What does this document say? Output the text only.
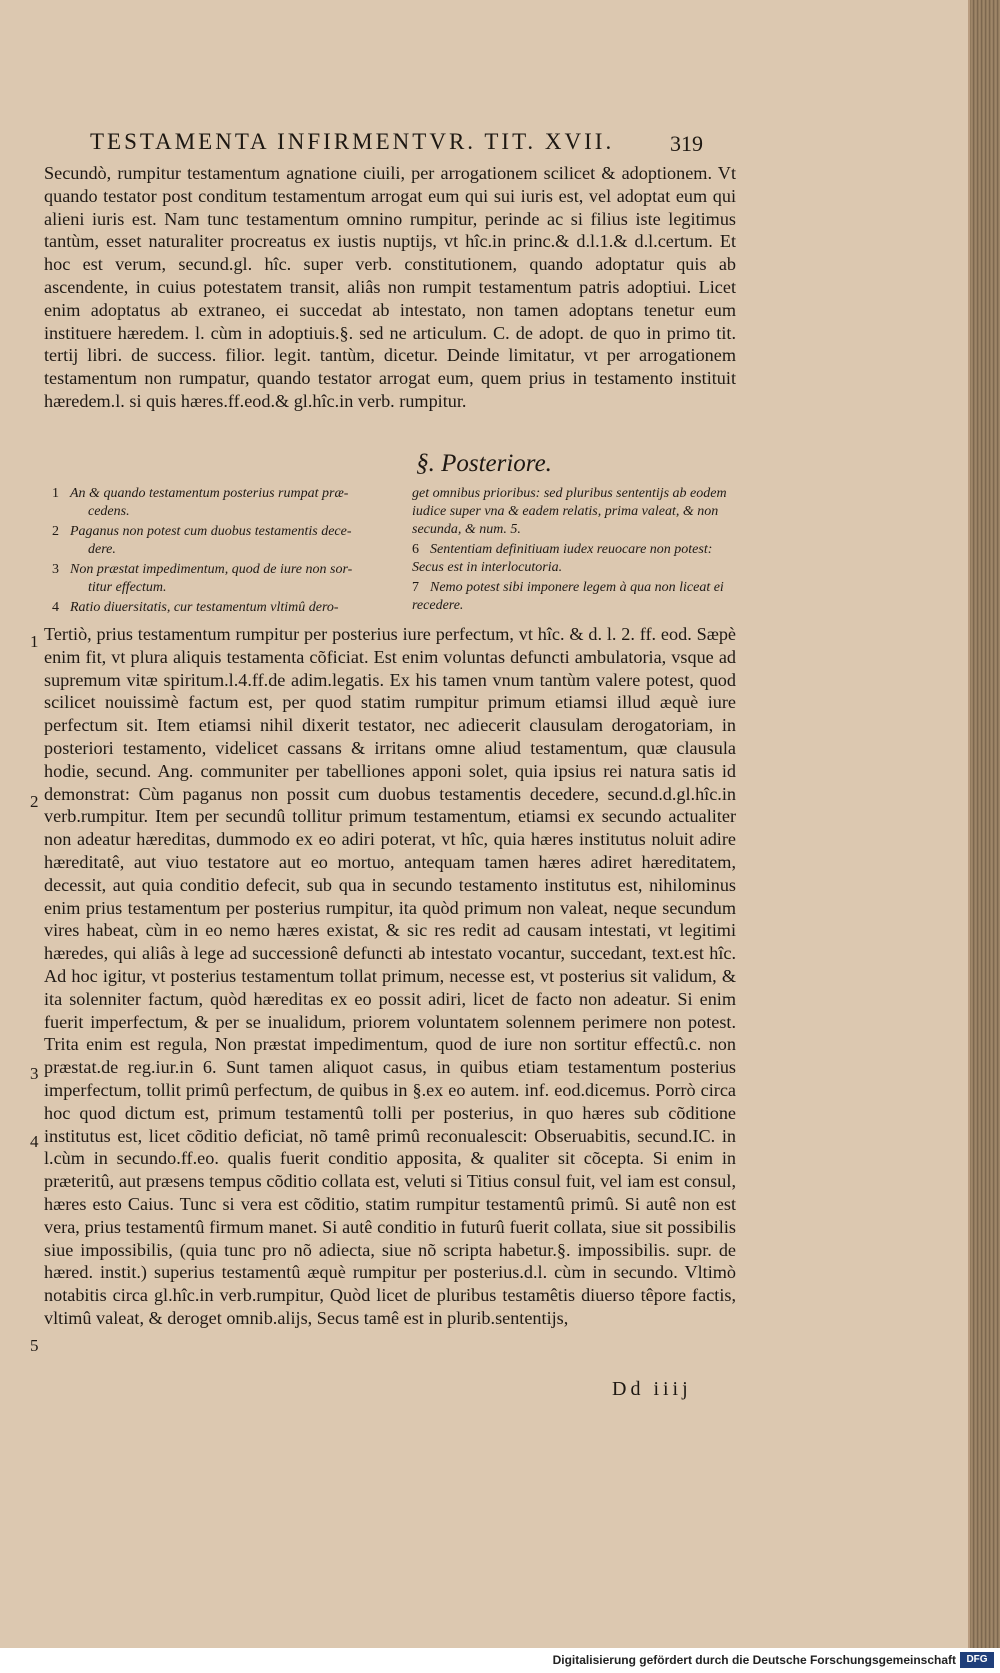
TESTAMENTA INFIRMENTVR. TIT. XVII.	319
Secundò, rumpitur testamentum agnatione ciuili, per arrogationem scilicet & adoptionem. Vt quando testator post conditum testamentum arrogat eum qui sui iuris est, vel adoptat eum qui alieni iuris est. Nam tunc testamentum omnino rumpitur, perinde ac si filius iste legitimus tantùm, esset naturaliter procreatus ex iustis nuptijs, vt hîc.in princ.& d.l.1.& d.l.certum. Et hoc est verum, secund.gl. hîc. super verb. constitutionem, quando adoptatur quis ab ascendente, in cuius potestatem transit, aliâs non rumpit testamentum patris adoptiui. Licet enim adoptatus ab extraneo, ei succedat ab intestato, non tamen adoptans tenetur eum instituere hæredem. l. cùm in adoptiuis.§. sed ne articulum. C. de adopt. de quo in primo tit. tertij libri. de success. filior. legit. tantùm, dicetur. Deinde limitatur, vt per arrogationem testamentum non rumpatur, quando testator arrogat eum, quem prius in testamento instituit hæredem.l. si quis hæres.ff.eod.& gl.hîc.in verb. rumpitur.
§. Posteriore.
1 An & quando testamentum posterius rumpat præ-
cedens.
2 Paganus non potest cum duobus testamentis dece-
dere.
3 Non præstat impedimentum, quod de iure non sor-
titur effectum.
4 Ratio diuersitatis, cur testamentum vltimû dero-
get omnibus prioribus: sed pluribus sententijs ab eodem iudice super vna & eadem relatis, prima valeat, & non secunda, & num. 5.
6 Sententiam definitiuam iudex reuocare non potest: Secus est in interlocutoria.
7 Nemo potest sibi imponere legem à qua non liceat ei recedere.
Tertiò, prius testamentum rumpitur per posterius iure perfectum, vt hîc. & d. l. 2. ff. eod. Sæpè enim fit, vt plura aliquis testamenta cõficiat. Est enim voluntas defuncti ambulatoria, vsque ad supremum vitæ spiritum.l.4.ff.de adim.legatis. Ex his tamen vnum tantùm valere potest, quod scilicet nouissimè factum est, per quod statim rumpitur primum etiamsi illud æquè iure perfectum sit. Item etiamsi nihil dixerit testator, nec adiecerit clausulam derogatoriam, in posteriori testamento, videlicet cassans & irritans omne aliud testamentum, quæ clausula hodie, secund. Ang. communiter per tabelliones apponi solet, quia ipsius rei natura satis id demonstrat: Cùm paganus non possit cum duobus testamentis decedere, secund.d.gl.hîc.in verb.rumpitur. Item per secundû tollitur primum testamentum, etiamsi ex secundo actualiter non adeatur hæreditas, dummodo ex eo adiri poterat, vt hîc, quia hæres institutus noluit adire hæreditatê, aut viuo testatore aut eo mortuo, antequam tamen hæres adiret hæreditatem, decessit, aut quia conditio defecit, sub qua in secundo testamento institutus est, nihilominus enim prius testamentum per posterius rumpitur, ita quòd primum non valeat, neque secundum vires habeat, cùm in eo nemo hæres existat, & sic res redit ad causam intestati, vt legitimi hæredes, qui aliâs à lege ad successionê defuncti ab intestato vocantur, succedant, text.est hîc. Ad hoc igitur, vt posterius testamentum tollat primum, necesse est, vt posterius sit validum, & ita solenniter factum, quòd hæreditas ex eo possit adiri, licet de facto non adeatur. Si enim fuerit imperfectum, & per se inualidum, priorem voluntatem solennem perimere non potest. Trita enim est regula, Non præstat impedimentum, quod de iure non sortitur effectû.c. non præstat.de reg.iur.in 6. Sunt tamen aliquot casus, in quibus etiam testamentum posterius imperfectum, tollit primû perfectum, de quibus in §.ex eo autem. inf. eod.dicemus. Porrò circa hoc quod dictum est, primum testamentû tolli per posterius, in quo hæres sub cõditione institutus est, licet cõditio deficiat, nõ tamê primû reconualescit: Obseruabitis, secund.IC. in l.cùm in secundo.ff.eo. qualis fuerit conditio apposita, & qualiter sit cõcepta. Si enim in præteritû, aut præsens tempus cõditio collata est, veluti si Titius consul fuit, vel iam est consul, hæres esto Caius. Tunc si vera est cõditio, statim rumpitur testamentû primû. Si autê non est vera, prius testamentû firmum manet. Si autê conditio in futurû fuerit collata, siue sit possibilis siue impossibilis, (quia tunc pro nõ adiecta, siue nõ scripta habetur.§. impossibilis. supr. de hæred. instit.) superius testamentû æquè rumpitur per posterius.d.l. cùm in secundo. Vltimò notabitis circa gl.hîc.in verb.rumpitur, Quòd licet de pluribus testamêtis diuerso têpore factis, vltimû valeat, & deroget omnib.alijs, Secus tamê est in plurib.sententijs,
1
2
3
4
5
Dd iiij
Digitalisierung gefördert durch die Deutsche Forschungsgemeinschaft	DFG
